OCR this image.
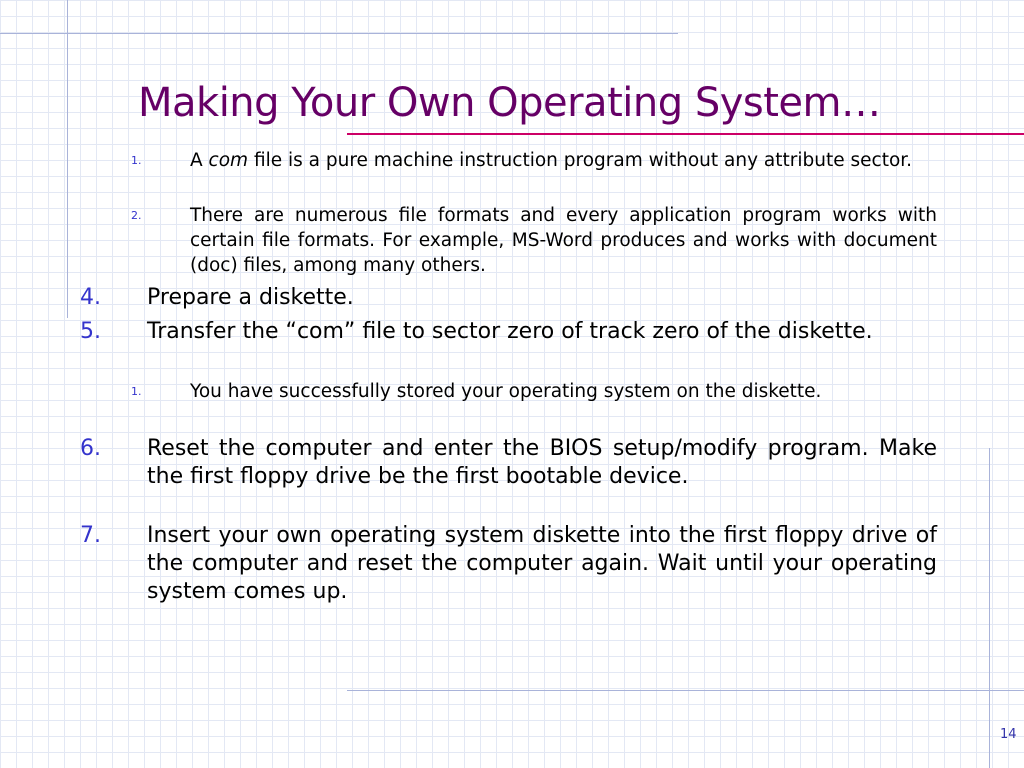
Making Your Own Operating System…
1.	A com file is a pure machine instruction program without any attribute sector.
2.	There are numerous file formats and every application program works with certain file formats. For example, MS-Word produces and works with document (doc) files, among many others.
4. Prepare a diskette.
5. Transfer the “com” file to sector zero of track zero of the diskette.
1.	You have successfully stored your operating system on the diskette.
6. Reset the computer and enter the BIOS setup/modify program. Make the first floppy drive be the first bootable device.
7. Insert your own operating system diskette into the first floppy drive of the computer and reset the computer again. Wait until your operating system comes up.
14
